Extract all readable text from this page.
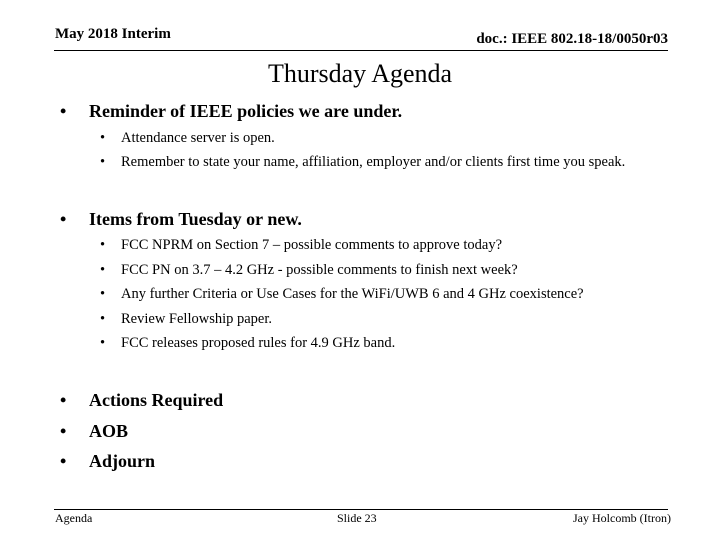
May 2018 Interim	doc.: IEEE 802.18-18/0050r03
Thursday Agenda
• Reminder of IEEE policies we are under.
• Attendance server is open.
• Remember to state your name, affiliation, employer and/or clients first time you speak.
• Items from Tuesday or new.
• FCC NPRM on Section 7 – possible comments to approve today?
• FCC PN on 3.7 – 4.2 GHz - possible comments to finish next week?
• Any further Criteria or Use Cases for the WiFi/UWB 6 and 4 GHz coexistence?
• Review Fellowship paper.
• FCC releases proposed rules for 4.9 GHz band.
• Actions Required
• AOB
• Adjourn
Agenda	Slide 23	Jay Holcomb (Itron)
